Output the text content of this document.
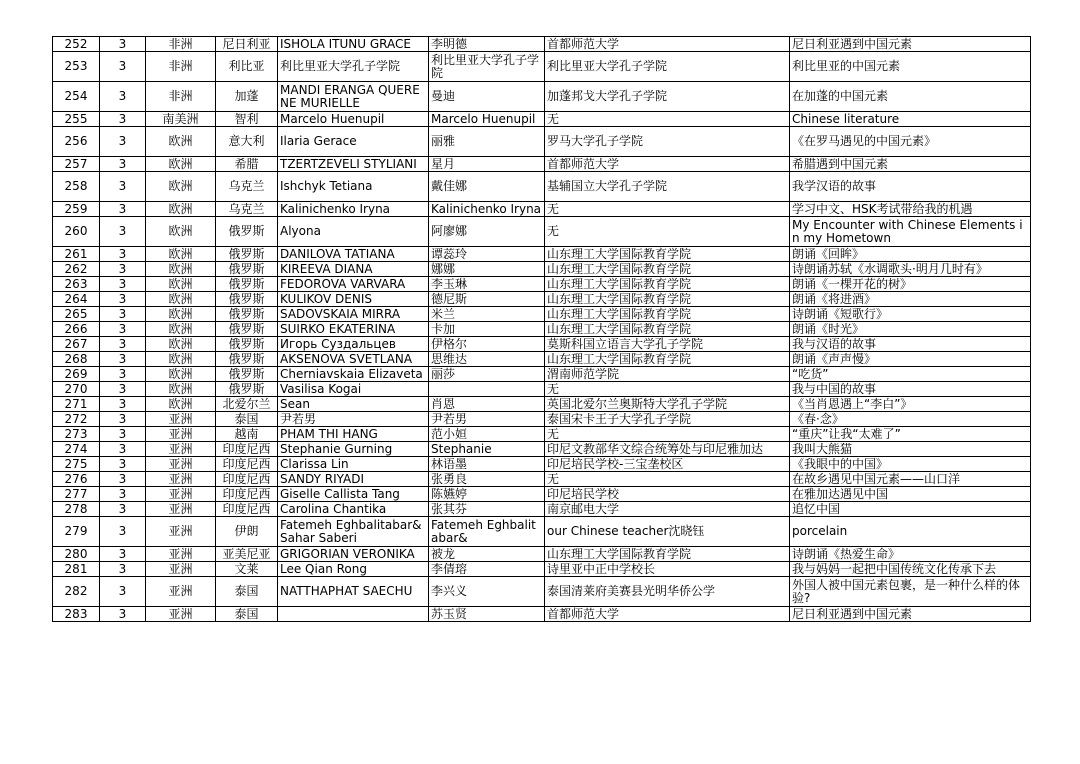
252	3	非洲	尼日利亚	ISHOLA ITUNU GRACE	李明德	首都师范大学	尼日利亚遇到中国元素
253	3	非洲	利比亚	利比里亚大学孔子学院	利比里亚大学孔子学院	利比里亚大学孔子学院	利比里亚的中国元素
254	3	非洲	加蓬	MANDI ERANGA QUERENE MURIELLE	曼迪	加蓬邦戈大学孔子学院	在加蓬的中国元素
255	3	南美洲	智利	Marcelo Huenupil	Marcelo Huenupil	无	Chinese literature
256	3	欧洲	意大利	Ilaria Gerace	丽雅	罗马大学孔子学院	《在罗马遇见的中国元素》
257	3	欧洲	希腊	TZERTZEVELI STYLIANI	星月	首都师范大学	希腊遇到中国元素
258	3	欧洲	乌克兰	Ishchyk Tetiana	戴佳娜	基辅国立大学孔子学院	我学汉语的故事
259	3	欧洲	乌克兰	Kalinichenko Iryna	Kalinichenko Iryna	无	学习中文、HSK考试带给我的机遇
260	3	欧洲	俄罗斯	Alyona	阿廖娜	无	My Encounter with Chinese Elements in my Hometown
261	3	欧洲	俄罗斯	DANILOVA TATIANA	谭蕊玲	山东理工大学国际教育学院	朗诵《回眸》
262	3	欧洲	俄罗斯	KIREEVA DIANA	娜娜	山东理工大学国际教育学院	诗朗诵苏轼《水调歌头·明月几时有》
263	3	欧洲	俄罗斯	FEDOROVA VARVARA	李玉琳	山东理工大学国际教育学院	朗诵《一棵开花的树》
264	3	欧洲	俄罗斯	KULIKOV DENIS	德尼斯	山东理工大学国际教育学院	朗诵《将进酒》
265	3	欧洲	俄罗斯	SADOVSKAIA MIRRA	米兰	山东理工大学国际教育学院	诗朗诵《短歌行》
266	3	欧洲	俄罗斯	SUIRKO EKATERINA	卡加	山东理工大学国际教育学院	朗诵《时光》
267	3	欧洲	俄罗斯	Игорь Суздальцев	伊格尔	莫斯科国立语言大学孔子学院	我与汉语的故事
268	3	欧洲	俄罗斯	AKSENOVA SVETLANA	思维达	山东理工大学国际教育学院	朗诵《声声慢》
269	3	欧洲	俄罗斯	Cherniavskaia Elizaveta	丽莎	渭南师范学院	“吃货”
270	3	欧洲	俄罗斯	Vasilisa Kogai		无	我与中国的故事
271	3	欧洲	北爱尔兰	Sean	肖恩	英国北爱尔兰奥斯特大学孔子学院	《当肖恩遇上“李白”》
272	3	亚洲	泰国	尹若男	尹若男	泰国宋卡王子大学孔子学院	《春·念》
273	3	亚洲	越南	PHAM THI HANG	范小姮	无	“重庆”让我“太难了”
274	3	亚洲	印度尼西	Stephanie Gurning	Stephanie	印尼文教部华文综合统筹处与印尼雅加达	我叫大熊猫
275	3	亚洲	印度尼西	Clarissa Lin	林语墨	印尼培民学校-三宝垄校区	《我眼中的中国》
276	3	亚洲	印度尼西	SANDY RIYADI	张勇良	无	在故乡遇见中国元素——山口洋
277	3	亚洲	印度尼西	Giselle Callista Tang	陈嬿婷	印尼培民学校	在雅加达遇见中国
278	3	亚洲	印度尼西	Carolina Chantika	张其芬	南京邮电大学	追忆中国
279	3	亚洲	伊朗	Fatemeh Eghbalitabar& Sahar Saberi	Fatemeh Eghbalitabar&	our Chinese teacher沈晓钰	porcelain
280	3	亚洲	亚美尼亚	GRIGORIAN VERONIKA	被龙	山东理工大学国际教育学院	诗朗诵《热爱生命》
281	3	亚洲	文莱	Lee Qian Rong	李倩瑢	诗里亚中正中学校长	我与妈妈一起把中国传统文化传承下去
282	3	亚洲	泰国	NATTHAPHAT SAECHU	李兴义	泰国清莱府美赛县光明华侨公学	外国人被中国元素包裹，是一种什么样的体验?
283	3	亚洲	泰国		苏玉贤	首都师范大学	尼日利亚遇到中国元素
